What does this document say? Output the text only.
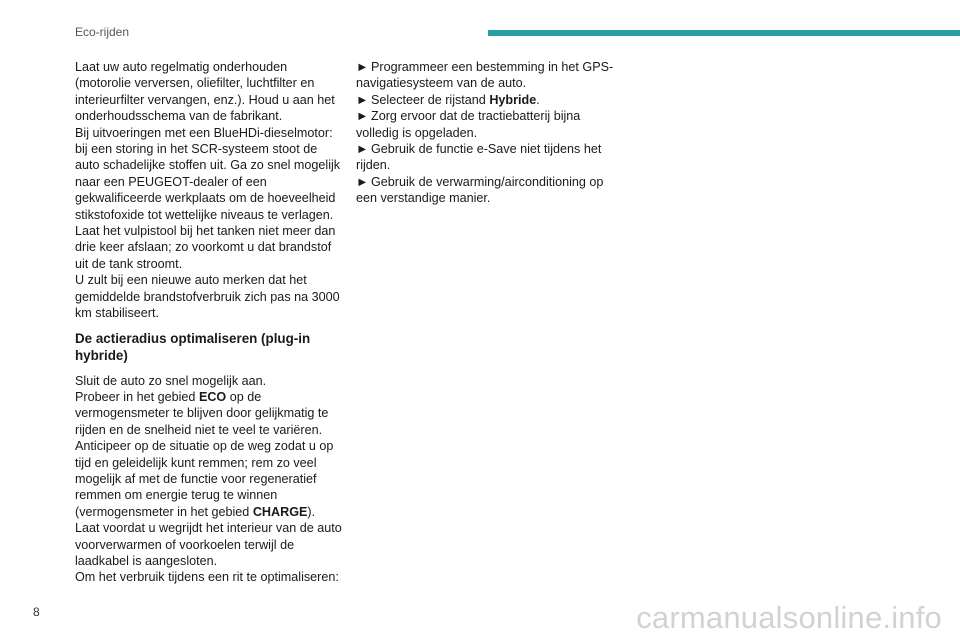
Eco-rijden

Laat uw auto regelmatig onderhouden (motorolie verversen, oliefilter, luchtfilter en interieurfilter vervangen, enz.). Houd u aan het onderhoudsschema van de fabrikant.

Bij uitvoeringen met een BlueHDi-dieselmotor: bij een storing in het SCR-systeem stoot de auto schadelijke stoffen uit. Ga zo snel mogelijk naar een PEUGEOT-dealer of een gekwalificeerde werkplaats om de hoeveelheid stikstofoxide tot wettelijke niveaus te verlagen.

Laat het vulpistool bij het tanken niet meer dan drie keer afslaan; zo voorkomt u dat brandstof uit de tank stroomt.

U zult bij een nieuwe auto merken dat het gemiddelde brandstofverbruik zich pas na 3000 km stabiliseert.

De actieradius optimaliseren (plug-in hybride)

Sluit de auto zo snel mogelijk aan.

Probeer in het gebied ECO op de vermogensmeter te blijven door gelijkmatig te rijden en de snelheid niet te veel te variëren.

Anticipeer op de situatie op de weg zodat u op tijd en geleidelijk kunt remmen; rem zo veel mogelijk af met de functie voor regeneratief remmen om energie terug te winnen (vermogensmeter in het gebied CHARGE).

Laat voordat u wegrijdt het interieur van de auto voorverwarmen of voorkoelen terwijl de laadkabel is aangesloten.

Om het verbruik tijdens een rit te optimaliseren:

► Programmeer een bestemming in het GPS-navigatiesysteem van de auto.

► Selecteer de rijstand Hybride.

► Zorg ervoor dat de tractiebatterij bijna volledig is opgeladen.

► Gebruik de functie e-Save niet tijdens het rijden.

► Gebruik de verwarming/airconditioning op een verstandige manier.

8	carmanualsonline.info
